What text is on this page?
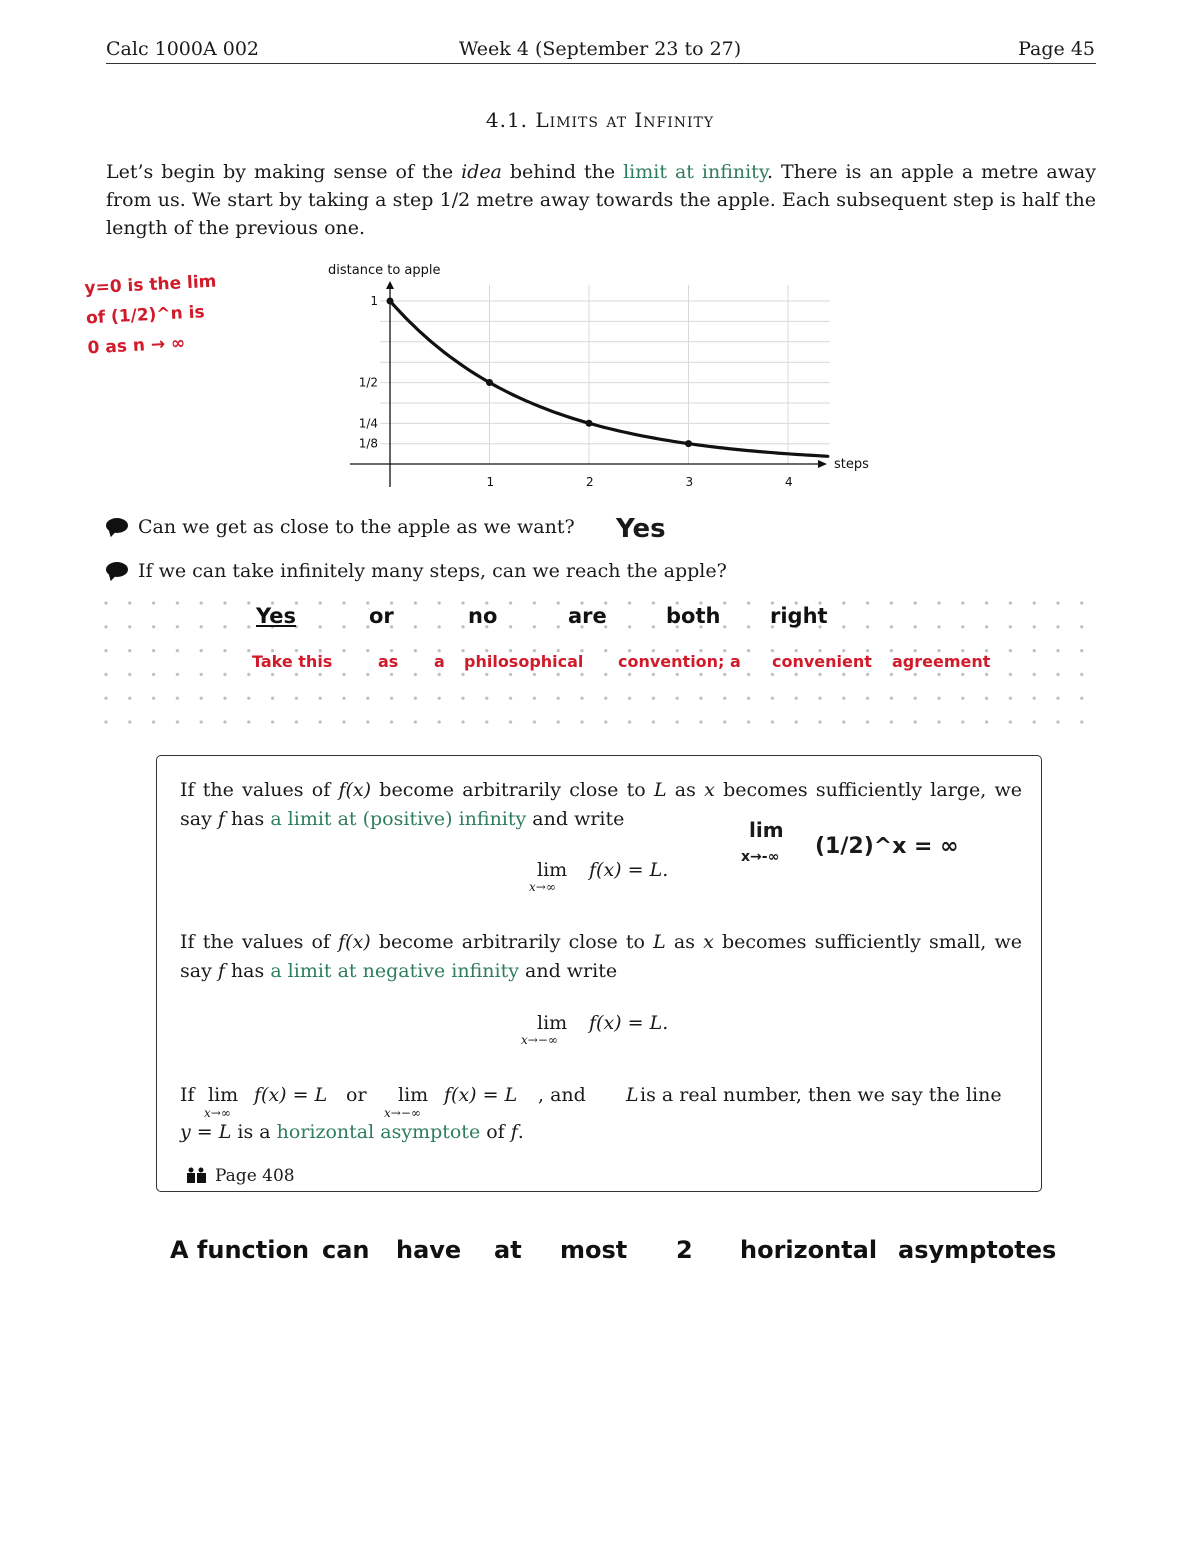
Calc 1000A 002	Week 4 (September 23 to 27)	Page 45
4.1. Limits at Infinity
Let’s begin by making sense of the idea behind the limit at infinity. There is an apple a metre away from us. We start by taking a step 1/2 metre away towards the apple. Each subsequent step is half the length of the previous one.
y=0 is the lim
of (1/2)^n is
0 as n → ∞
distance to apple
steps
1	2	3	4
1
1/2
1/4
1/8
Can we get as close to the apple as we want? Yes
If we can take infinitely many steps, can we reach the apple?
Yes	or	no	are	both right
Take this	as a philosophical convention; a convenient agreement
If the values of f(x) become arbitrarily close to L as x becomes sufficiently large, we say f has a limit at (positive) infinity and write
lim
x→∞
f(x) = L.
lim
x→-∞ (1/2)^x = ∞
If the values of f(x) become arbitrarily close to L as x becomes sufficiently small, we say f has a limit at negative infinity and write
lim
x→−∞
f(x) = L.
If lim
x→∞
f(x) = L or lim
x→−∞
f(x) = L , and L is a real number, then we say the line
y = L is a horizontal asymptote of f.
Page 408
A function can have at most 2 horizontal asymptotes
